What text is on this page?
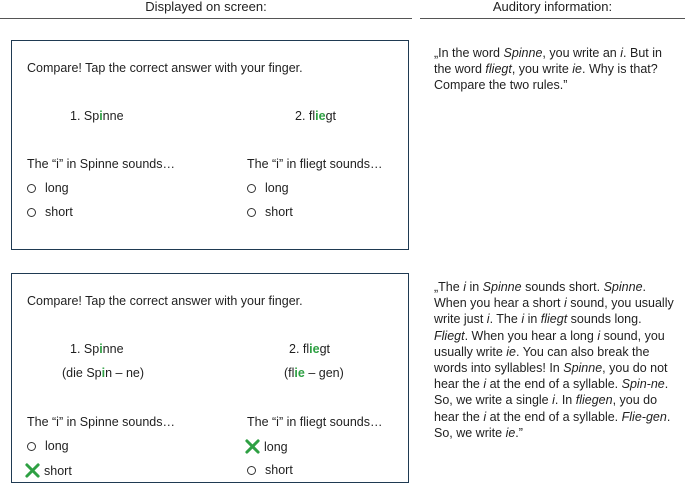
Displayed on screen:	Auditory information:
Compare! Tap the correct answer with your finger.
1. Spinne	2. fliegt
The “i” in Spinne sounds…	The “i” in fliegt sounds…
long
short
long
short
Compare! Tap the correct answer with your finger.
1. Spinne	2. fliegt
(die Spin – ne)	(flie – gen)
The “i” in Spinne sounds…	The “i” in fliegt sounds…
long
short
long
short
„In the word Spinne, you write an i. But in the word fliegt, you write ie. Why is that? Compare the two rules.”
„The i in Spinne sounds short. Spinne. When you hear a short i sound, you usually write just i. The i in fliegt sounds long. Fliegt. When you hear a long i sound, you usually write ie. You can also break the words into syllables! In Spinne, you do not hear the i at the end of a syllable. Spin-ne. So, we write a single i. In fliegen, you do hear the i at the end of a syllable. Flie-gen. So, we write ie.”
